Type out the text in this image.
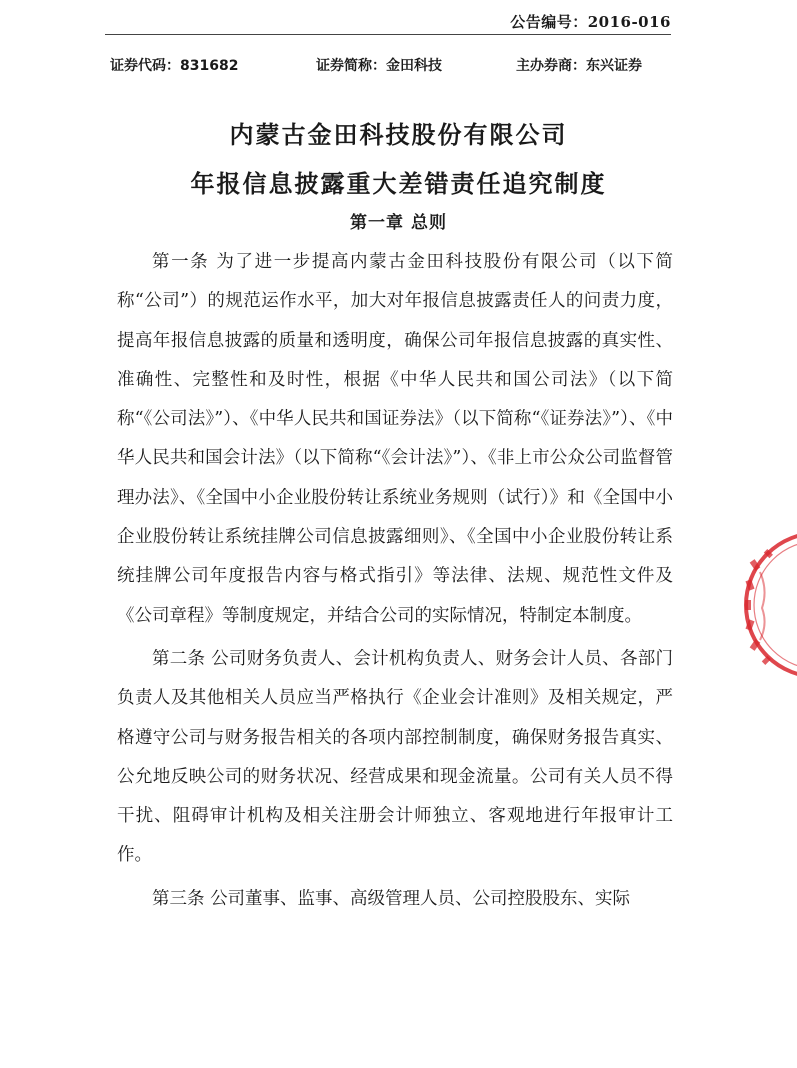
公告编号：2016-016
证券代码：831682	证券简称：金田科技	主办券商：东兴证券
内蒙古金田科技股份有限公司
年报信息披露重大差错责任追究制度
第一章 总则

第一条 为了进一步提高内蒙古金田科技股份有限公司（以下简称“公司”）的规范运作水平，加大对年报信息披露责任人的问责力度，提高年报信息披露的质量和透明度，确保公司年报信息披露的真实性、准确性、完整性和及时性，根据《中华人民共和国公司法》（以下简称“《公司法》”）、《中华人民共和国证券法》（以下简称“《证券法》”）、《中华人民共和国会计法》（以下简称“《会计法》”）、《非上市公众公司监督管理办法》、《全国中小企业股份转让系统业务规则（试行）》和《全国中小企业股份转让系统挂牌公司信息披露细则》、《全国中小企业股份转让系统挂牌公司年度报告内容与格式指引》等法律、法规、规范性文件及《公司章程》等制度规定，并结合公司的实际情况，特制定本制度。

第二条 公司财务负责人、会计机构负责人、财务会计人员、各部门负责人及其他相关人员应当严格执行《企业会计准则》及相关规定，严格遵守公司与财务报告相关的各项内部控制制度，确保财务报告真实、公允地反映公司的财务状况、经营成果和现金流量。公司有关人员不得干扰、阻碍审计机构及相关注册会计师独立、客观地进行年报审计工作。

第三条 公司董事、监事、高级管理人员、公司控股股东、实际
